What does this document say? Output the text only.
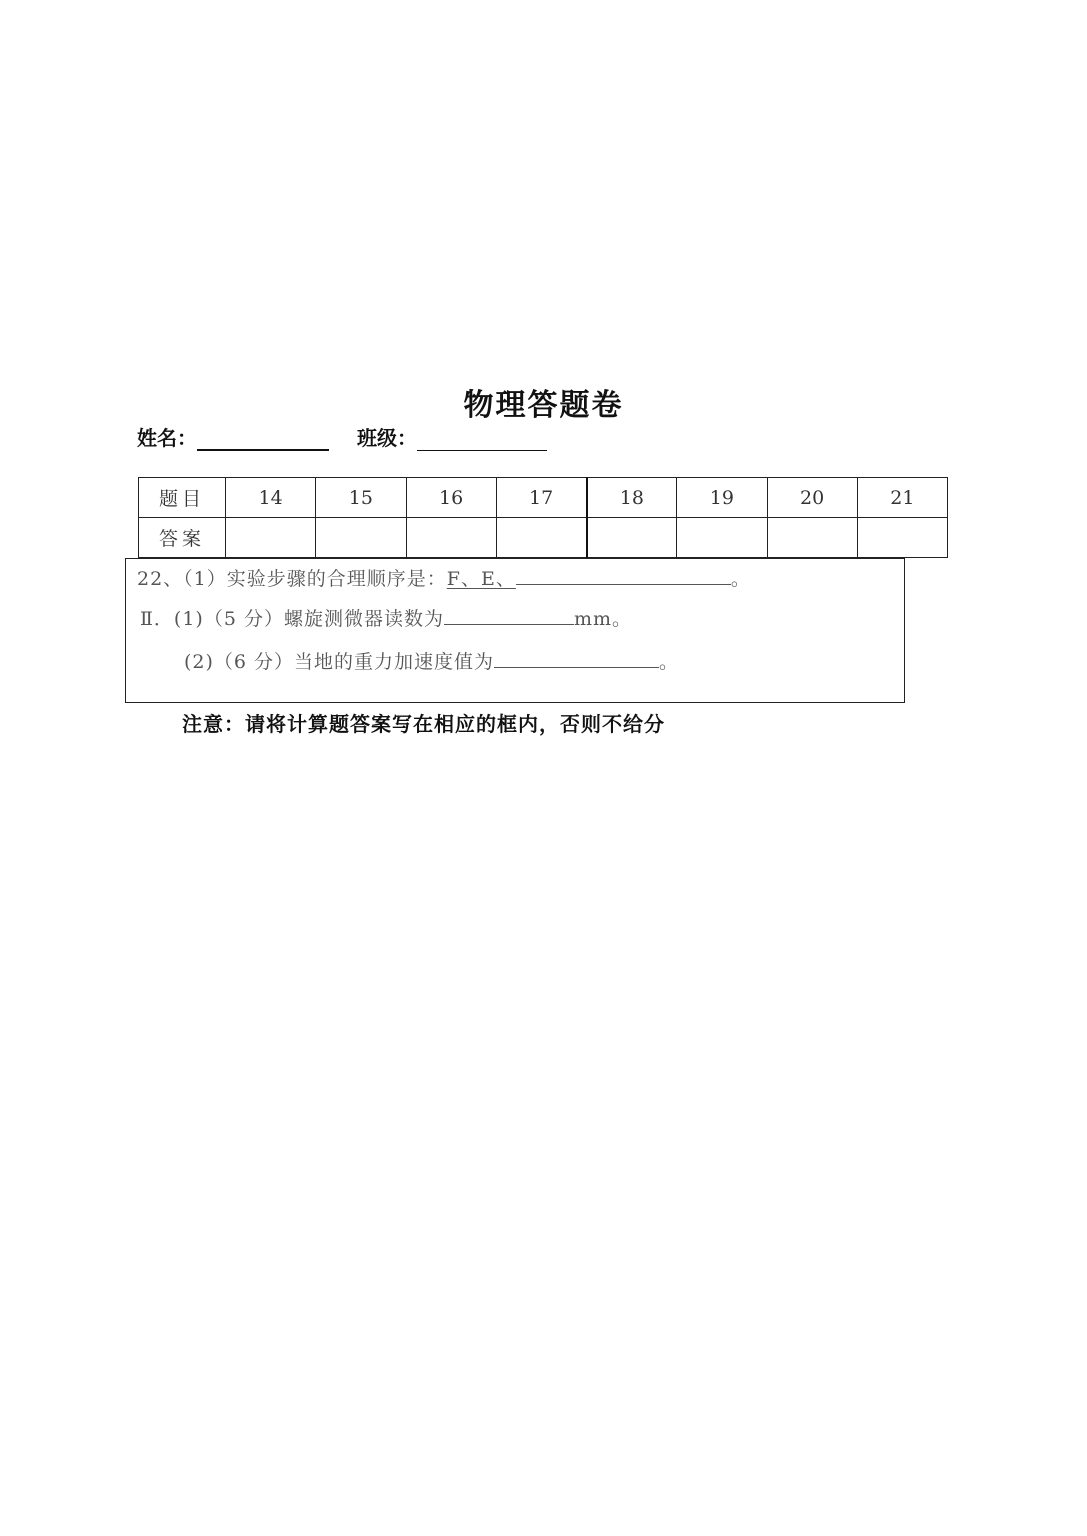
物理答题卷
姓名：	班级：
题目	14	15	16	17	18	19	20	21
答案								
22、（1）实验步骤的合理顺序是：F、E、	。
Ⅱ．(1)（5 分）螺旋测微器读数为	mm。
(2)（6 分）当地的重力加速度值为	。
注意：请将计算题答案写在相应的框内，否则不给分
